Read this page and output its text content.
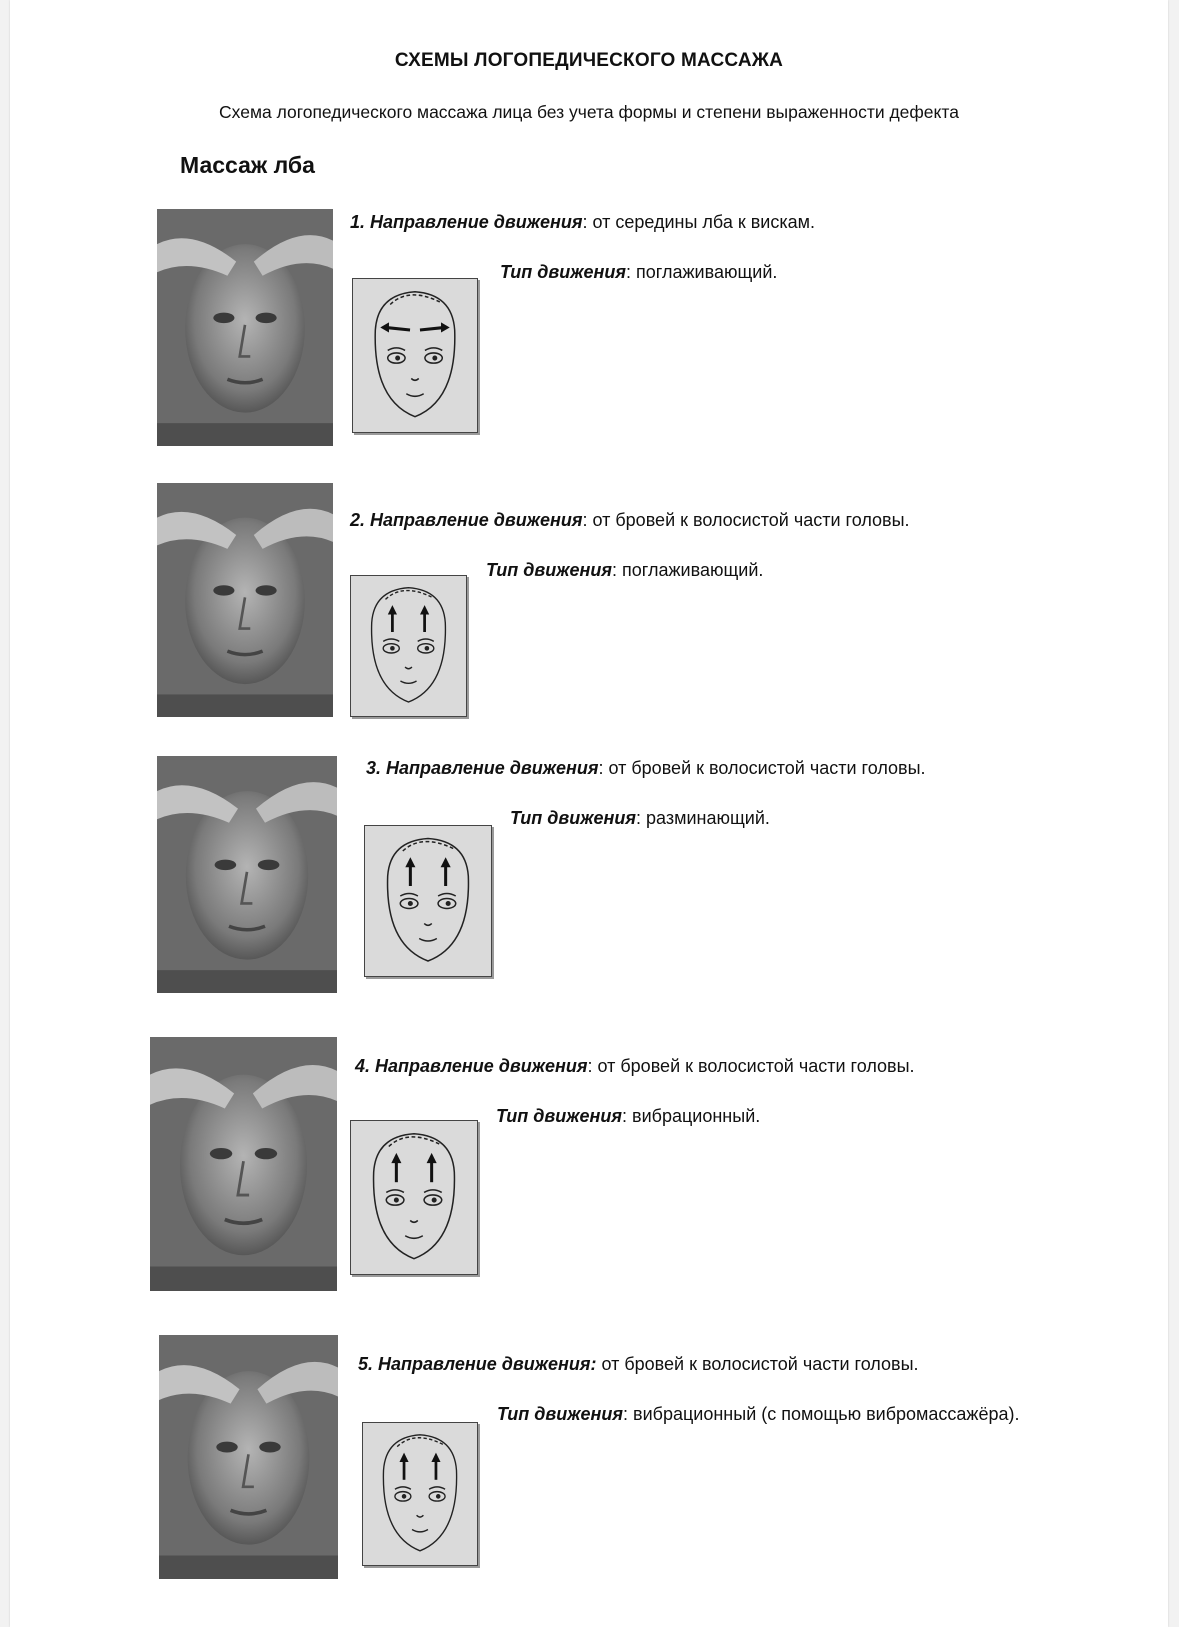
СХЕМЫ ЛОГОПЕДИЧЕСКОГО МАССАЖА
Схема логопедического массажа лица без учета формы и степени выраженности дефекта
Массаж лба
1. Направление движения: от середины лба к вискам.
Тип движения: поглаживающий.
2. Направление движения: от бровей к волосистой части головы.
Тип движения: поглаживающий.
3. Направление движения: от бровей к волосистой части головы.
Тип движения: разминающий.
4. Направление движения: от бровей к волосистой части головы.
Тип движения: вибрационный.
5. Направление движения: от бровей к волосистой части головы.
Тип движения: вибрационный (с помощью вибромассажёра).
